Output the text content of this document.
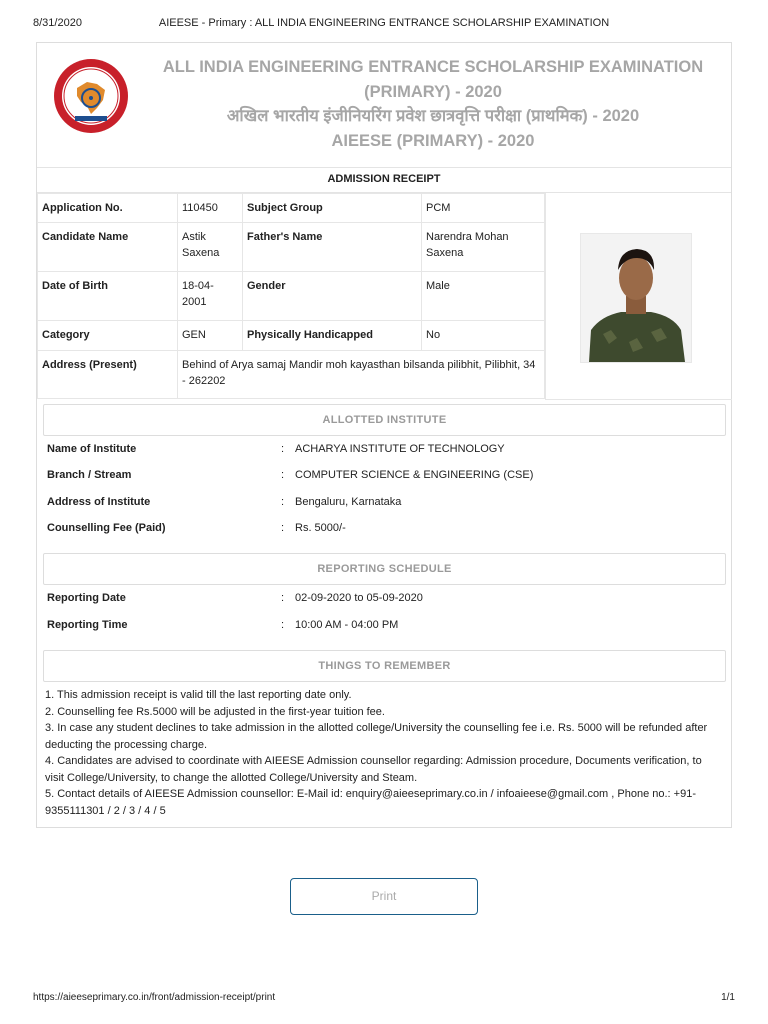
8/31/2020	AIEESE - Primary : ALL INDIA ENGINEERING ENTRANCE SCHOLARSHIP EXAMINATION
ALL INDIA ENGINEERING ENTRANCE SCHOLARSHIP EXAMINATION
(PRIMARY) - 2020
अखिल भारतीय इंजीनियरिंग प्रवेश छात्रवृत्ति परीक्षा (प्राथमिक) - 2020
AIEESE (PRIMARY) - 2020
ADMISSION RECEIPT
Application No.	110450	Subject Group	PCM
Candidate Name	Astik Saxena	Father's Name	Narendra Mohan Saxena
Date of Birth	18-04-2001	Gender	Male
Category	GEN	Physically Handicapped	No
Address (Present)	Behind of Arya samaj Mandir moh kayasthan bilsanda pilibhit, Pilibhit, 34 - 262202		
ALLOTTED INSTITUTE
Name of Institute	: ACHARYA INSTITUTE OF TECHNOLOGY
Branch / Stream	: COMPUTER SCIENCE & ENGINEERING (CSE)
Address of Institute	: Bengaluru, Karnataka
Counselling Fee (Paid)	: Rs. 5000/-
REPORTING SCHEDULE
Reporting Date	: 02-09-2020 to 05-09-2020
Reporting Time	: 10:00 AM - 04:00 PM
THINGS TO REMEMBER

1. This admission receipt is valid till the last reporting date only.

2. Counselling fee Rs.5000 will be adjusted in the first-year tuition fee.

3. In case any student declines to take admission in the allotted college/University the counselling fee i.e. Rs. 5000 will be refunded after deducting the processing charge.

4. Candidates are advised to coordinate with AIEESE Admission counsellor regarding: Admission procedure, Documents verification, to visit College/University, to change the allotted College/University and Steam.

5. Contact details of AIEESE Admission counsellor: E-Mail id: enquiry@aieeseprimary.co.in / infoaieese@gmail.com , Phone no.: +91-9355111301 / 2 / 3 / 4 / 5

Print
https://aieeseprimary.co.in/front/admission-receipt/print	1/1
